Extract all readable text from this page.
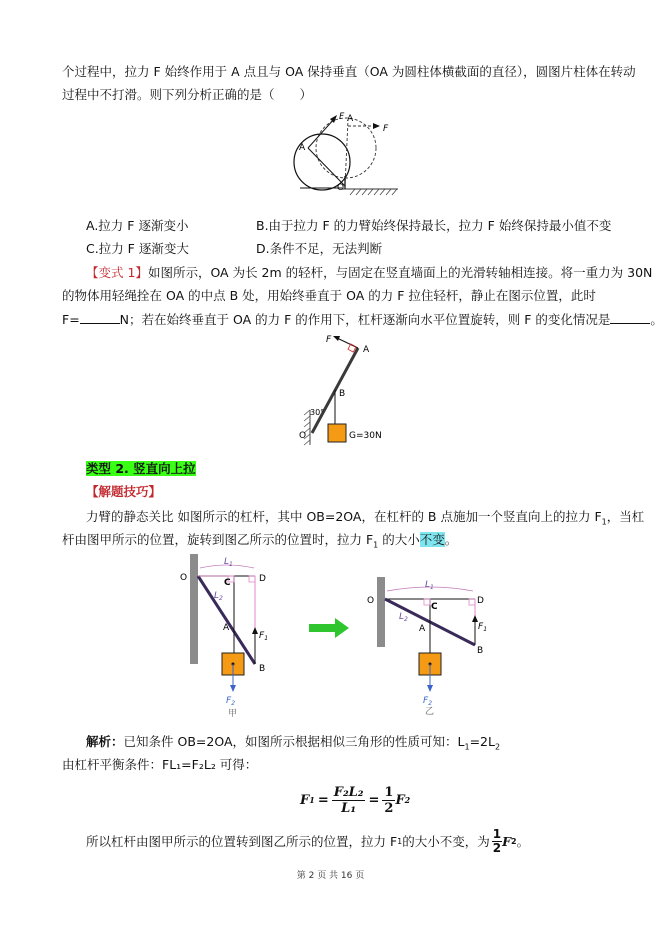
个过程中，拉力 F 始终作用于 A 点且与 OA 保持垂直（OA 为圆柱体横截面的直径），圆图片柱体在转动
过程中不打滑。则下列分析正确的是（　　）
F
F
A
A
O
A.拉力 F 逐渐变小	B.由于拉力 F 的力臂始终保持最长，拉力 F 始终保持最小值不变
C.拉力 F 逐渐变大	D.条件不足，无法判断
【变式 1】如图所示，OA 为长 2m 的轻杆，与固定在竖直墙面上的光滑转轴相连接。将一重力为 30N
的物体用轻绳拴在 OA 的中点 B 处，用始终垂直于 OA 的力 F 拉住轻杆，静止在图示位置，此时
F=	N；若在始终垂直于 OA 的力 F 的作用下，杠杆逐渐向水平位置旋转，则 F 的变化情况是	。
F
A
B
O
30°
G=30N
类型 2. 竖直向上拉
【解题技巧】
力臂的静态关比 如图所示的杠杆，其中 OB=2OA，在杠杆的 B 点施加一个竖直向上的拉力 $F_1$，当杠
杆由图甲所示的位置，旋转到图乙所示的位置时，拉力 $F_1$ 的大小不变。
O	C	D
A
B
$L_1$
$L_2$
$F_1$
$F_2$
甲
O
C
D
A
B
$L_1$
$L_2$
$F_1$
$F_2$
乙
解析：已知条件 OB=2OA，如图所示根据相似三角形的性质可知：$L_1=2L_2$
由杠杆平衡条件：FL₁=F₂L₂ 可得：
F $1 = \frac{\text{F₂L₂}}{\text{L₁}} = \frac{1}{2}$ F 2
所以杠杆由图甲所示的位置转到图乙所示的位置，拉力 F 1 的大小不变，为
1
2 F 2 。
第 2 页 共 16 页
